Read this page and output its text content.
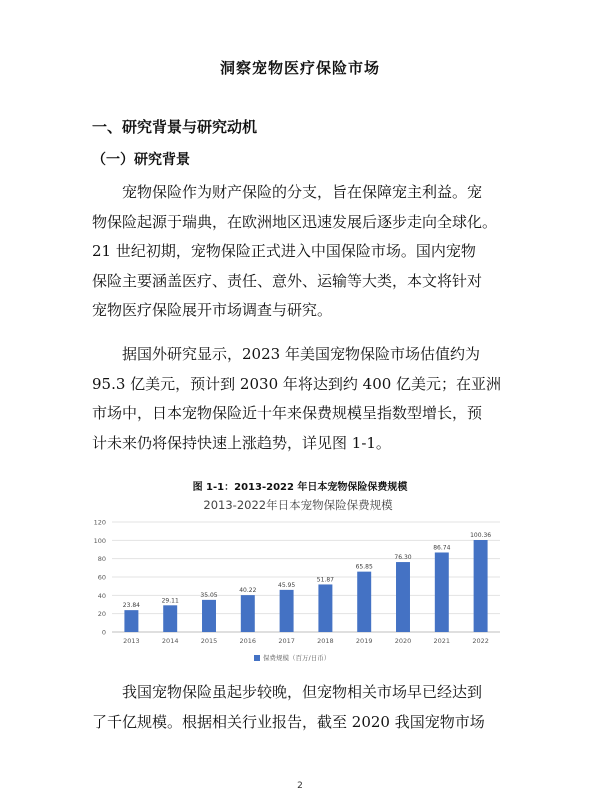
洞察宠物医疗保险市场
一、研究背景与研究动机
（一）研究背景
宠物保险作为财产保险的分支，旨在保障宠主利益。宠
物保险起源于瑞典，在欧洲地区迅速发展后逐步走向全球化。
21 世纪初期，宠物保险正式进入中国保险市场。国内宠物
保险主要涵盖医疗、责任、意外、运输等大类，本文将针对
宠物医疗保险展开市场调查与研究。
据国外研究显示，2023 年美国宠物保险市场估值约为
95.3 亿美元，预计到 2030 年将达到约 400 亿美元；在亚洲
市场中，日本宠物保险近十年来保费规模呈指数型增长，预
计未来仍将保持快速上涨趋势，详见图 1-1。
图 1-1：2013-2022 年日本宠物保险保费规模
2013-2022年日本宠物保险保费规模
0
20
40
60
80
100
120
23.84
2013
29.11
2014
35.05
2015
40.22
2016
45.95
2017
51.87
2018
65.85
2019
76.30
2020
86.74
2021
100.36
2022
保费规模（百万/日币）
我国宠物保险虽起步较晚，但宠物相关市场早已经达到
了千亿规模。根据相关行业报告，截至 2020 我国宠物市场
2
